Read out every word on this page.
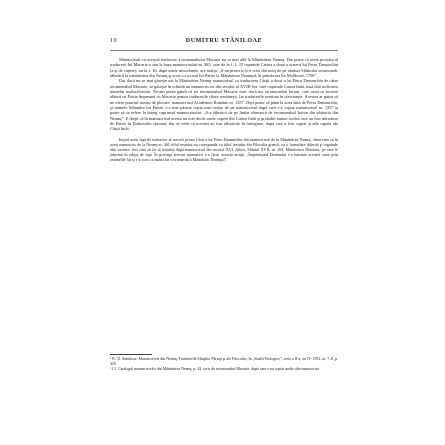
10	DUMITRU STĂNILOAE

Manuscrisul cu această traducere a teomanahului Macarie nu se mai află la Mănăstirea Neamţ. Dar poate că acest prototip al traducerii lui Macarie a stat la baza manuscrisului nr. 365, care de la f. 1–15 cuprinde Cartea a doua a scrierii lui Petru Damaschin (a şi de capete), iar la f. 16, după unele miscelanee, are notiţa: „S-au prescris (s-a scris din nou) de pe rânduri Sfântului ieromonah, tâlmăcit la mănăstirea din Neamţ şi scris cu scrisul lui Paisie la Mănăstirea Neamţul, în primăvara lui Moldovei, 1790”.

Dar dacă nu se mai găseşte azi la Mănăstirea Neamţ manuscrisul cu traducerea Cărţii a doua a lui Petru Damaschin de către ieromonahul Macarie, se găseşte în schimb un manuscris tot din secolul al XVIII-lea, care cuprinde Cartea întâi, însă fără indicarea numelui traducătorului. Ne-am putea gândi că tot ieromonahul Macarie este, dacă nu, ieromonahul Iorion, care avea să lucreze alături cu Paisie împreună cu Macarie pentru traducerile sfinte româneşti. Iar traducerile acestuia în slavoneşte. Acestea ar putea să ne ofere punctul nostru de plecare: manuscrisul Academiei Române nr. 1357. Deşi poate că până la acea dată de Petru Damaschin, şi numele Sfântului lui Paisie, s-a mai păstrat copia unei notiţe de pe manuscrisul după care s-a copiat manuscrisul nr. 1357 şi poate să se refere la întreg cuprinsul manuscrisului: „S-a tâlmăcit de pe limba elinească de ieromonahul Iorion din sihăstria din Neamţ”. E drept că în manuscrisul acesta nu este decât unele capete din Cartea întâi şi probabil numai acelea care au fost introduse de Paisie în Dobrotoliu slavonă, dar se vede că acestea au fost tâlmăcite în întregime, după care a fost copiat şi alte capete ale Cărţii întâi.

Iniţial acest fapt de traducere al acestei prime Cărţi a lui Petru Damaschin din manuscrisul de la Mănăstirea Neamţ, observăm că în acest manuscris de la Neamţ nr. 461 titlul textului nu corespunde cu titlul textului din Filocalia greacă, cu o formulare diferită şi cuprinde alte cuvinte, text care să fie al textului după manuscrisul din secolul XVI, Athos, Sfântul XVII, nr. 104, Mănăstirea Dionisiu, pe care le aducem în ediţia de faţă. În privinţa acestui manuscris s-a făcut această notiţă: „Împărtăşind Domnului s-a luminat această carte prin ostenelile lui şi s-a scris cu mâna lui cea smerită a Mănăstirii Neamţul”.

¹ Pr. D. Stăniloae, Manuscrisele din Neamţ. Traducerile Sfinţilor Părinţi şi ale Filocaliei, în „Studii Teologice”, seria a II-a, an IV, 1952, nr. 7–8, p. 429.

² Cf. Catalogul manuscriselor din Mănăstirea Neamţ, p. 42, scris de ieromonahul Macarie, după care s-au copiat multe alte manuscrise.
